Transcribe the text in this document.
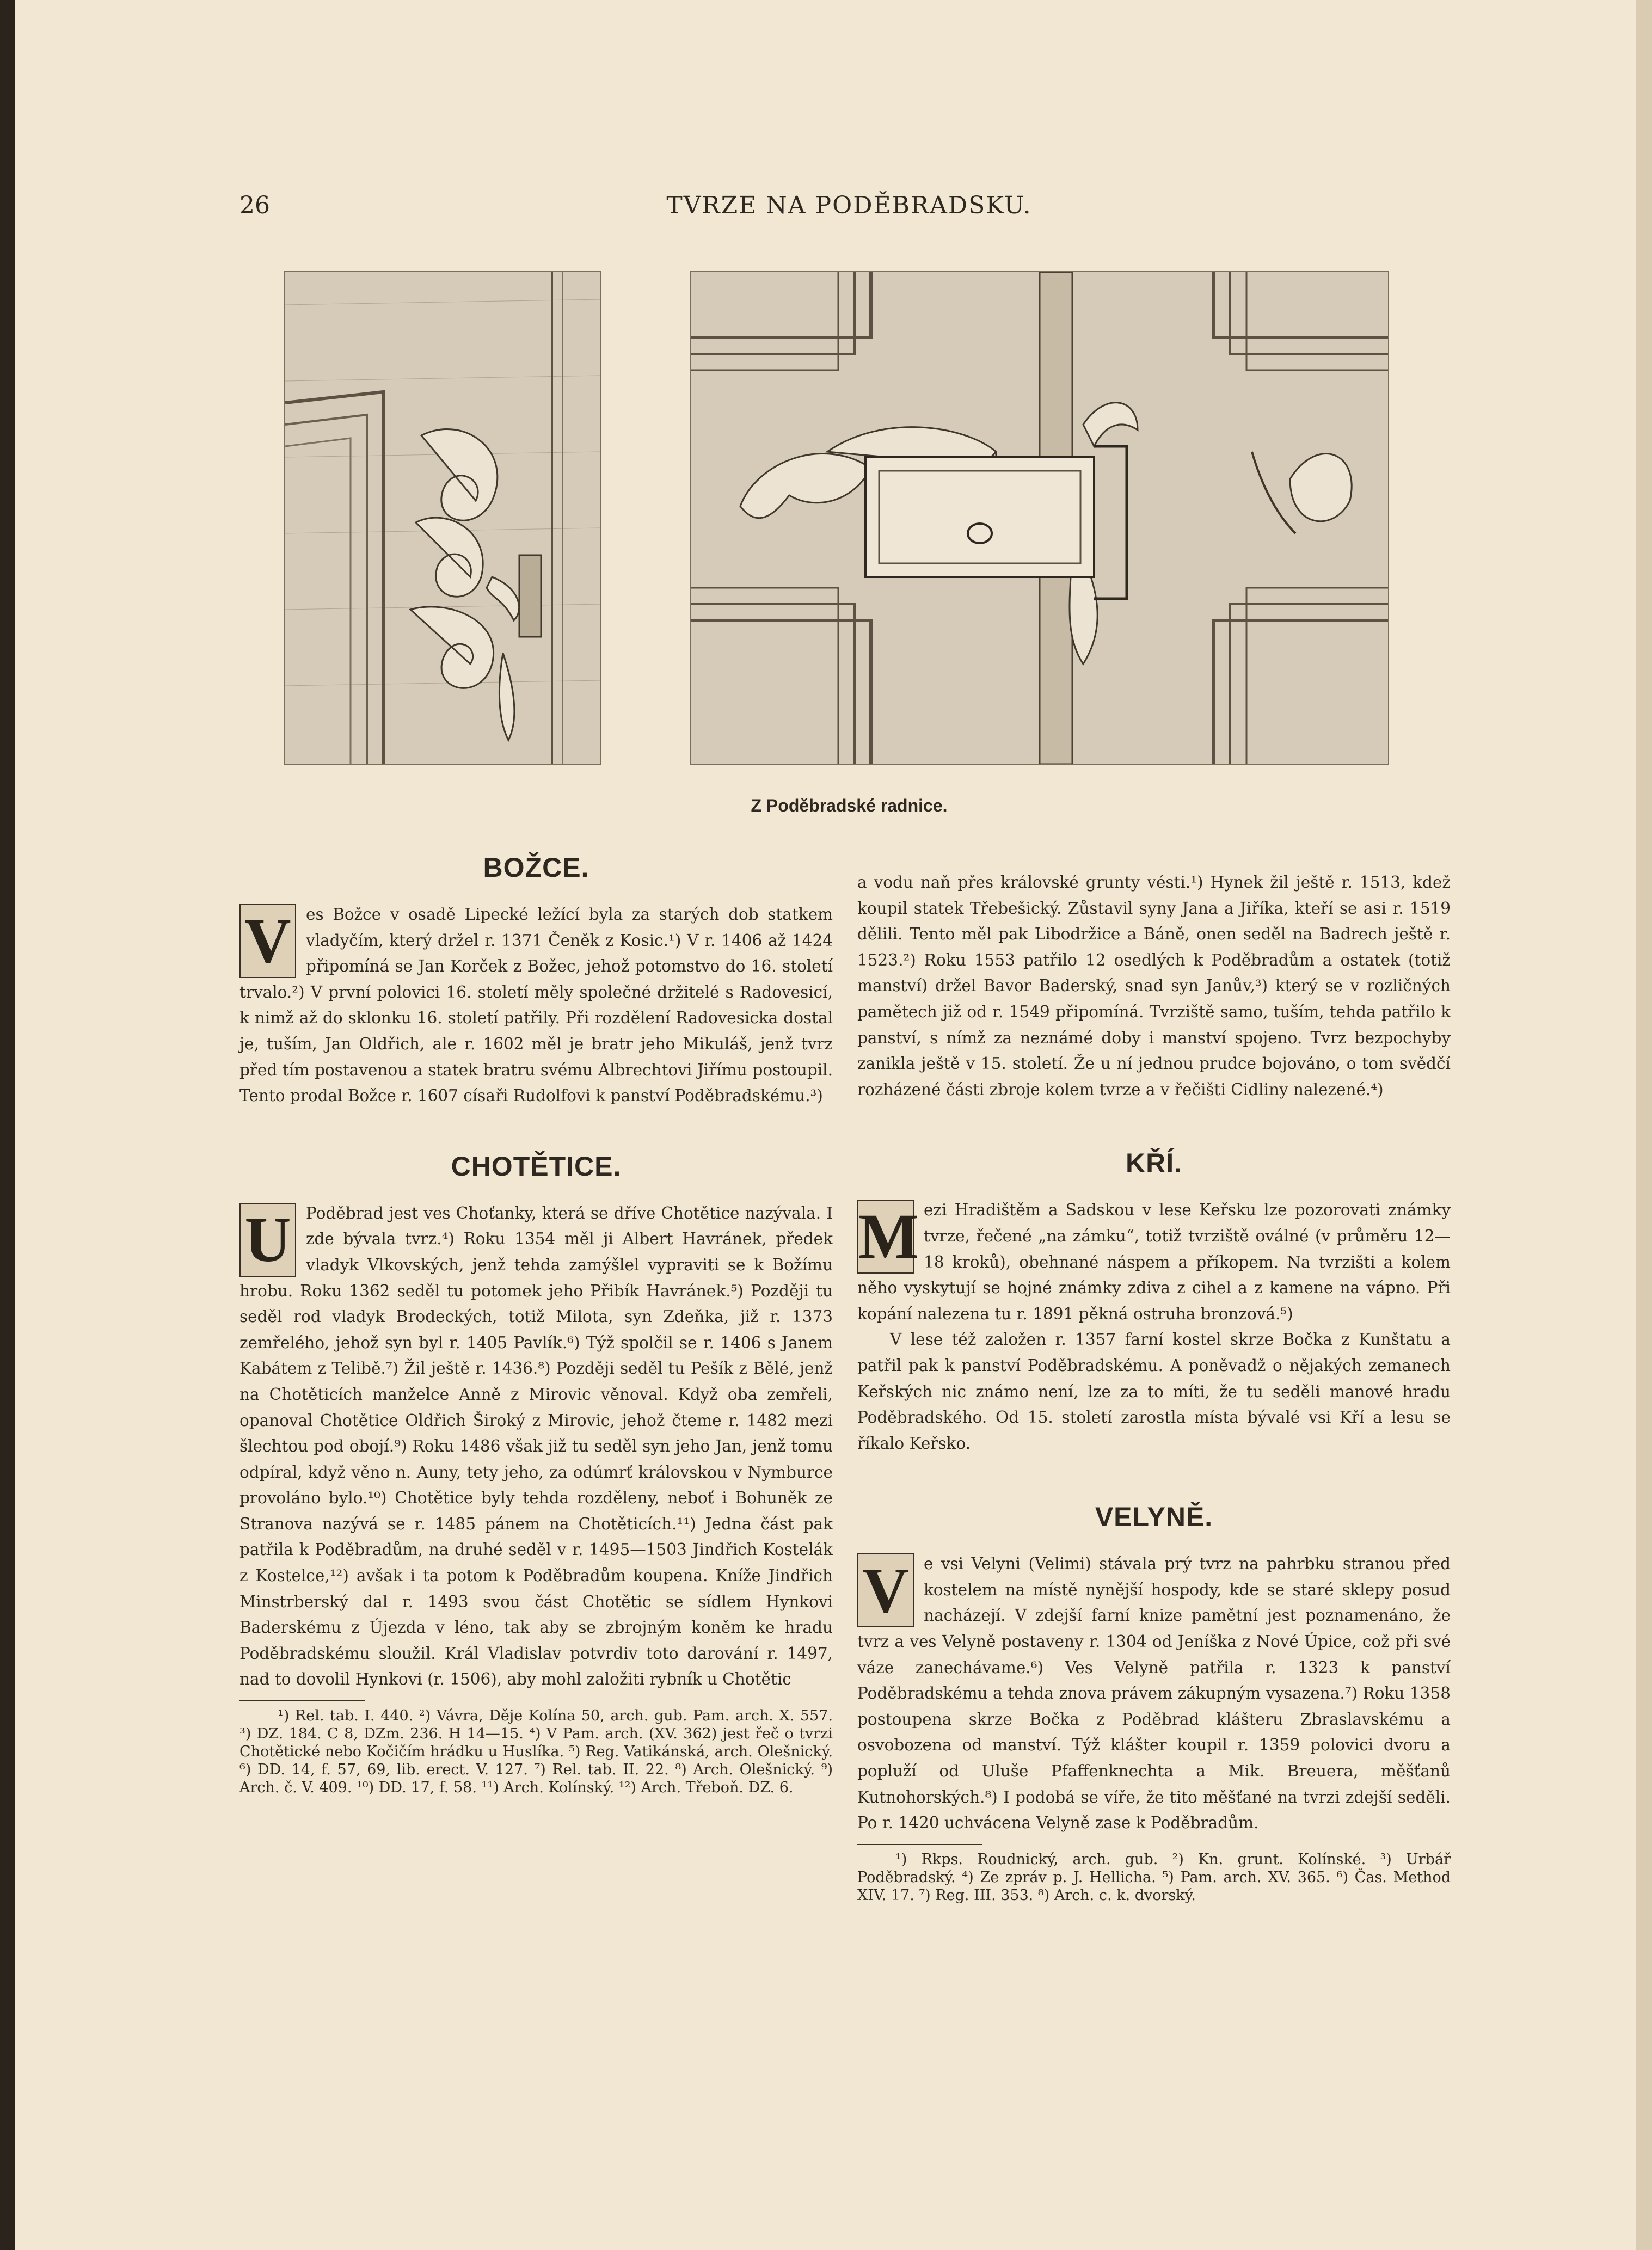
26	TVRZE NA PODĚBRADSKU.
Z Poděbradské radnice.
BOŽCE.

V es Božce v osadě Lipecké ležící byla za starých dob statkem vladyčím, který držel r. 1371 Čeněk z Kosic.¹) V r. 1406 až 1424 připomíná se Jan Korček z Božec, jehož potomstvo do 16. století trvalo.²) V první polovici 16. století měly společné držitelé s Radovesicí, k nimž až do sklonku 16. století patřily. Při rozdělení Radovesicka dostal je, tuším, Jan Oldřich, ale r. 1602 měl je bratr jeho Mikuláš, jenž tvrz před tím postavenou a statek bratru svému Albrechtovi Jiřímu postoupil. Tento prodal Božce r. 1607 císaři Rudolfovi k panství Poděbradskému.³)

CHOTĚTICE.

U Poděbrad jest ves Choťanky, která se dříve Chotětice nazývala. I zde bývala tvrz.⁴) Roku 1354 měl ji Albert Havránek, předek vladyk Vlkovských, jenž tehda zamýšlel vypraviti se k Božímu hrobu. Roku 1362 seděl tu potomek jeho Přibík Havránek.⁵) Později tu seděl rod vladyk Brodeckých, totiž Milota, syn Zdeňka, již r. 1373 zemřelého, jehož syn byl r. 1405 Pavlík.⁶) Týž spolčil se r. 1406 s Janem Kabátem z Telibě.⁷) Žil ještě r. 1436.⁸) Později seděl tu Pešík z Bělé, jenž na Chotěticích manželce Anně z Mirovic věnoval. Když oba zemřeli, opanoval Chotětice Oldřich Široký z Mirovic, jehož čteme r. 1482 mezi šlechtou pod obojí.⁹) Roku 1486 však již tu seděl syn jeho Jan, jenž tomu odpíral, když věno n. Auny, tety jeho, za odúmrť královskou v Nymburce provoláno bylo.¹⁰) Chotětice byly tehda rozděleny, neboť i Bohuněk ze Stranova nazývá se r. 1485 pánem na Chotěticích.¹¹) Jedna část pak patřila k Poděbradům, na druhé seděl v r. 1495—1503 Jindřich Kostelák z Kostelce,¹²) avšak i ta potom k Poděbradům koupena. Kníže Jindřich Minstrberský dal r. 1493 svou část Chotětic se sídlem Hynkovi Baderskému z Újezda v léno, tak aby se zbrojným koněm ke hradu Poděbradskému sloužil. Král Vladislav potvrdiv toto darování r. 1497, nad to dovolil Hynkovi (r. 1506), aby mohl založiti rybník u Chotětic

¹) Rel. tab. I. 440. ²) Vávra, Děje Kolína 50, arch. gub. Pam. arch. X. 557. ³) DZ. 184. C 8, DZm. 236. H 14—15. ⁴) V Pam. arch. (XV. 362) jest řeč o tvrzi Chotětické nebo Kočičím hrádku u Huslíka. ⁵) Reg. Vatikánská, arch. Olešnický. ⁶) DD. 14, f. 57, 69, lib. erect. V. 127. ⁷) Rel. tab. II. 22. ⁸) Arch. Olešnický. ⁹) Arch. č. V. 409. ¹⁰) DD. 17, f. 58. ¹¹) Arch. Kolínský. ¹²) Arch. Třeboň. DZ. 6.

a vodu naň přes královské grunty vésti.¹) Hynek žil ještě r. 1513, kdež koupil statek Třebešický. Zůstavil syny Jana a Jiříka, kteří se asi r. 1519 dělili. Tento měl pak Libodržice a Báně, onen seděl na Badrech ještě r. 1523.²) Roku 1553 patřilo 12 osedlých k Poděbradům a ostatek (totiž manství) držel Bavor Baderský, snad syn Janův,³) který se v rozličných pamětech již od r. 1549 připomíná. Tvrziště samo, tuším, tehda patřilo k panství, s nímž za neznámé doby i manství spojeno. Tvrz bezpochyby zanikla ještě v 15. století. Že u ní jednou prudce bojováno, o tom svědčí rozházené části zbroje kolem tvrze a v řečišti Cidliny nalezené.⁴)

KŘÍ.

M ezi Hradištěm a Sadskou v lese Keřsku lze pozorovati známky tvrze, řečené „na zámku“, totiž tvrziště oválné (v průměru 12—18 kroků), obehnané náspem a příkopem. Na tvrzišti a kolem něho vyskytují se hojné známky zdiva z cihel a z kamene na vápno. Při kopání nalezena tu r. 1891 pěkná ostruha bronzová.⁵)

V lese též založen r. 1357 farní kostel skrze Bočka z Kunštatu a patřil pak k panství Poděbradskému. A poněvadž o nějakých zemanech Keřských nic známo není, lze za to míti, že tu seděli manové hradu Poděbradského. Od 15. století zarostla místa bývalé vsi Kří a lesu se říkalo Keřsko.

VELYNĚ.

V e vsi Velyni (Velimi) stávala prý tvrz na pahrbku stranou před kostelem na místě nynější hospody, kde se staré sklepy posud nacházejí. V zdejší farní knize pamětní jest poznamenáno, že tvrz a ves Velyně postaveny r. 1304 od Jeníška z Nové Úpice, což při své váze zanechávame.⁶) Ves Velyně patřila r. 1323 k panství Poděbradskému a tehda znova právem zákupným vysazena.⁷) Roku 1358 postoupena skrze Bočka z Poděbrad klášteru Zbraslavskému a osvobozena od manství. Týž klášter koupil r. 1359 polovici dvoru a popluží od Uluše Pfaffenknechta a Mik. Breuera, měšťanů Kutnohorských.⁸) I podobá se víře, že tito měšťané na tvrzi zdejší seděli. Po r. 1420 uchvácena Velyně zase k Poděbradům.

¹) Rkps. Roudnický, arch. gub. ²) Kn. grunt. Kolínské. ³) Urbář Poděbradský. ⁴) Ze zpráv p. J. Hellicha. ⁵) Pam. arch. XV. 365. ⁶) Čas. Method XIV. 17. ⁷) Reg. III. 353. ⁸) Arch. c. k. dvorský.
